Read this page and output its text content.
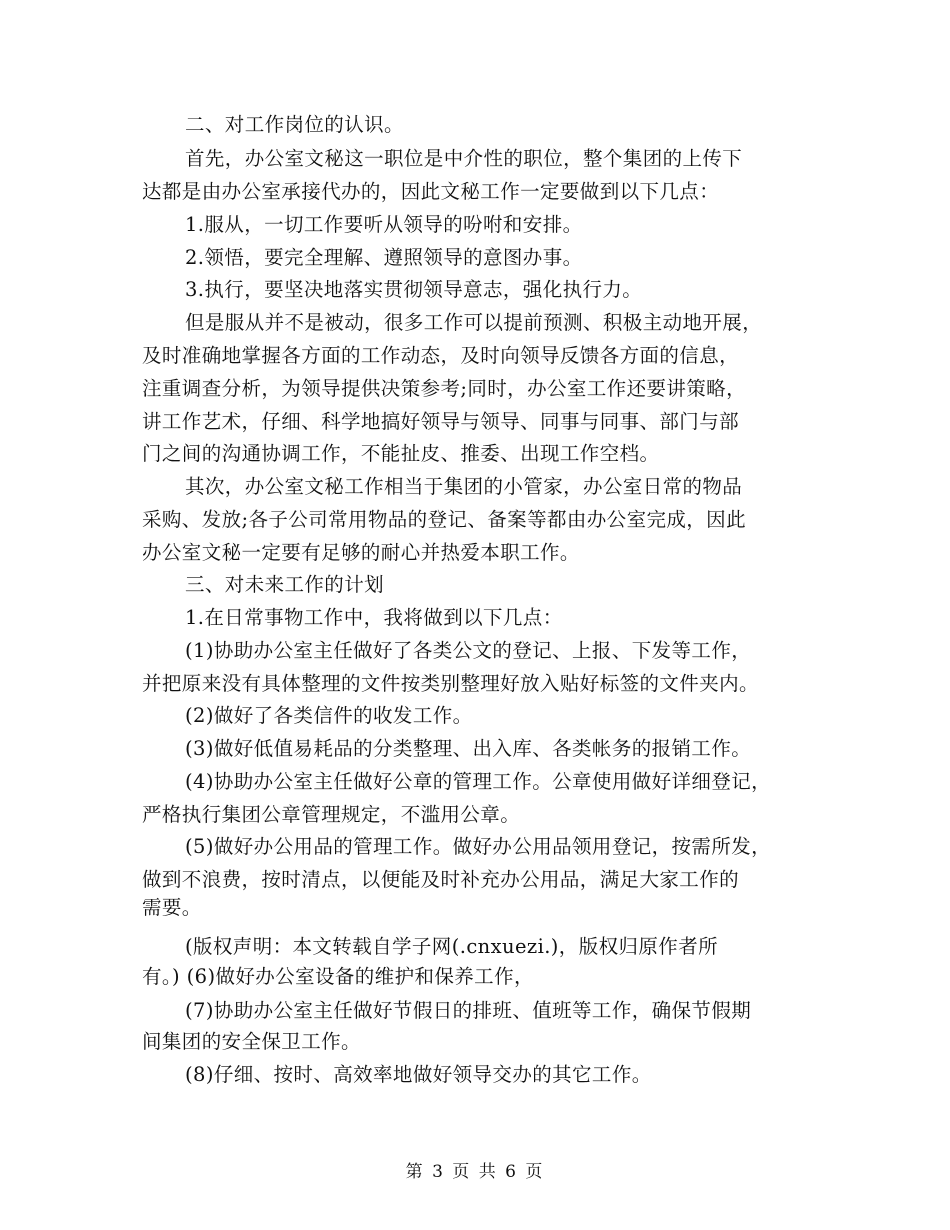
二、对工作岗位的认识。
首先，办公室文秘这一职位是中介性的职位，整个集团的上传下
达都是由办公室承接代办的，因此文秘工作一定要做到以下几点：
1.服从，一切工作要听从领导的吩咐和安排。
2.领悟，要完全理解、遵照领导的意图办事。
3.执行，要坚决地落实贯彻领导意志，强化执行力。
但是服从并不是被动，很多工作可以提前预测、积极主动地开展，
及时准确地掌握各方面的工作动态，及时向领导反馈各方面的信息，
注重调查分析，为领导提供决策参考;同时，办公室工作还要讲策略，
讲工作艺术，仔细、科学地搞好领导与领导、同事与同事、部门与部
门之间的沟通协调工作，不能扯皮、推委、出现工作空档。
其次，办公室文秘工作相当于集团的小管家，办公室日常的物品
采购、发放;各子公司常用物品的登记、备案等都由办公室完成，因此
办公室文秘一定要有足够的耐心并热爱本职工作。
三、对未来工作的计划
1.在日常事物工作中，我将做到以下几点：
(1)协助办公室主任做好了各类公文的登记、上报、下发等工作，
并把原来没有具体整理的文件按类别整理好放入贴好标签的文件夹内。
(2)做好了各类信件的收发工作。
(3)做好低值易耗品的分类整理、出入库、各类帐务的报销工作。
(4)协助办公室主任做好公章的管理工作。公章使用做好详细登记，
严格执行集团公章管理规定，不滥用公章。
(5)做好办公用品的管理工作。做好办公用品领用登记，按需所发，
做到不浪费，按时清点，以便能及时补充办公用品，满足大家工作的
需要。
(版权声明：本文转载自学子网(.cnxuezi.)，版权归原作者所
有。) (6)做好办公室设备的维护和保养工作，
(7)协助办公室主任做好节假日的排班、值班等工作，确保节假期
间集团的安全保卫工作。
(8)仔细、按时、高效率地做好领导交办的其它工作。
第 3 页 共 6 页
